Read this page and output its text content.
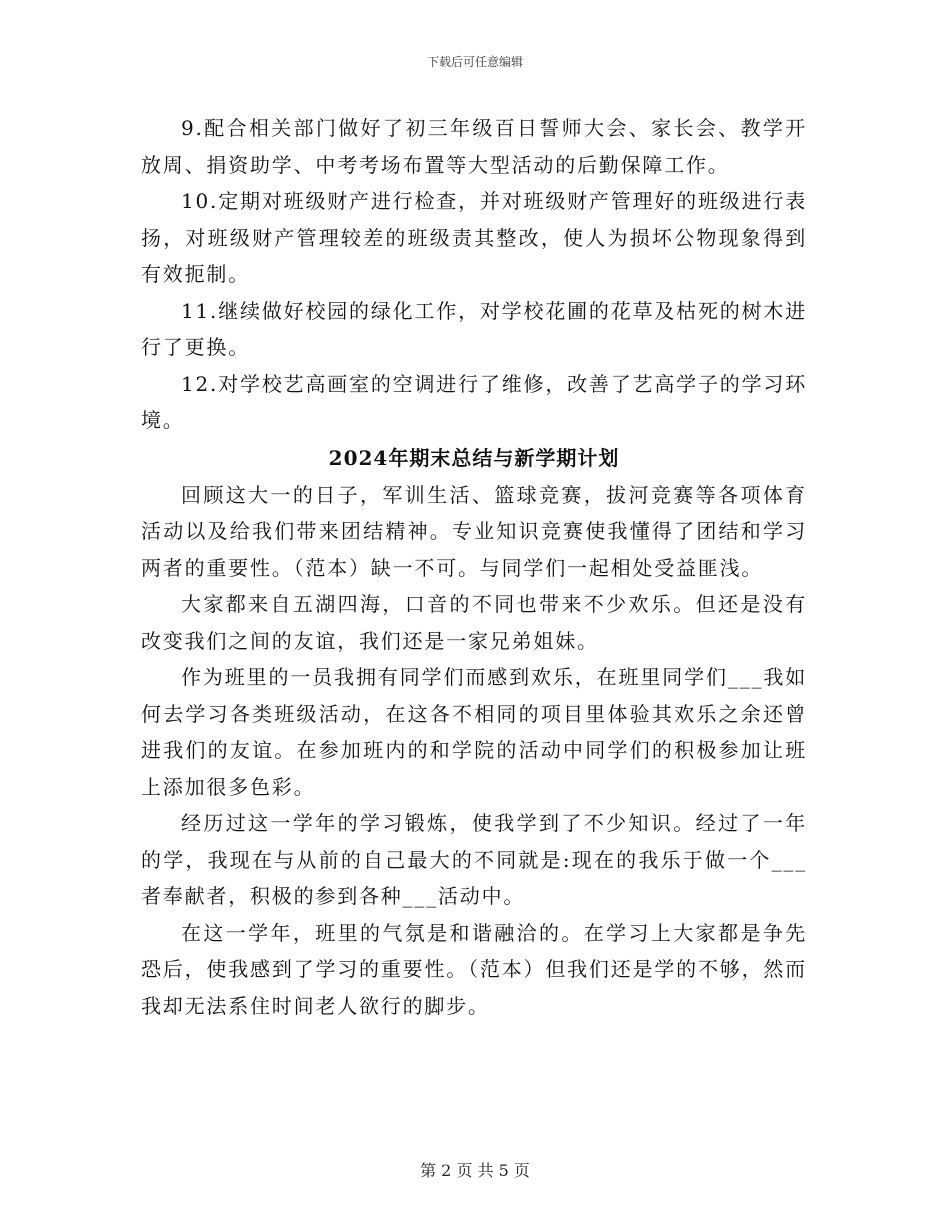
下载后可任意编辑

9.配合相关部门做好了初三年级百日誓师大会、家长会、教学开放周、捐资助学、中考考场布置等大型活动的后勤保障工作。

10.定期对班级财产进行检查，并对班级财产管理好的班级进行表扬，对班级财产管理较差的班级责其整改，使人为损坏公物现象得到有效扼制。

11.继续做好校园的绿化工作，对学校花圃的花草及枯死的树木进行了更换。

12.对学校艺高画室的空调进行了维修，改善了艺高学子的学习环境。

2024年期末总结与新学期计划

回顾这大一的日子，军训生活、篮球竞赛，拔河竞赛等各项体育活动以及给我们带来团结精神。专业知识竞赛使我懂得了团结和学习两者的重要性。（范本）缺一不可。与同学们一起相处受益匪浅。

大家都来自五湖四海，口音的不同也带来不少欢乐。但还是没有改变我们之间的友谊，我们还是一家兄弟姐妹。

作为班里的一员我拥有同学们而感到欢乐，在班里同学们___我如何去学习各类班级活动，在这各不相同的项目里体验其欢乐之余还曾进我们的友谊。在参加班内的和学院的活动中同学们的积极参加让班上添加很多色彩。

经历过这一学年的学习锻炼，使我学到了不少知识。经过了一年的学，我现在与从前的自己最大的不同就是:现在的我乐于做一个___者奉献者，积极的参到各种___活动中。

在这一学年，班里的气氛是和谐融洽的。在学习上大家都是争先恐后，使我感到了学习的重要性。（范本）但我们还是学的不够，然而我却无法系住时间老人欲行的脚步。

第 2 页 共 5 页
